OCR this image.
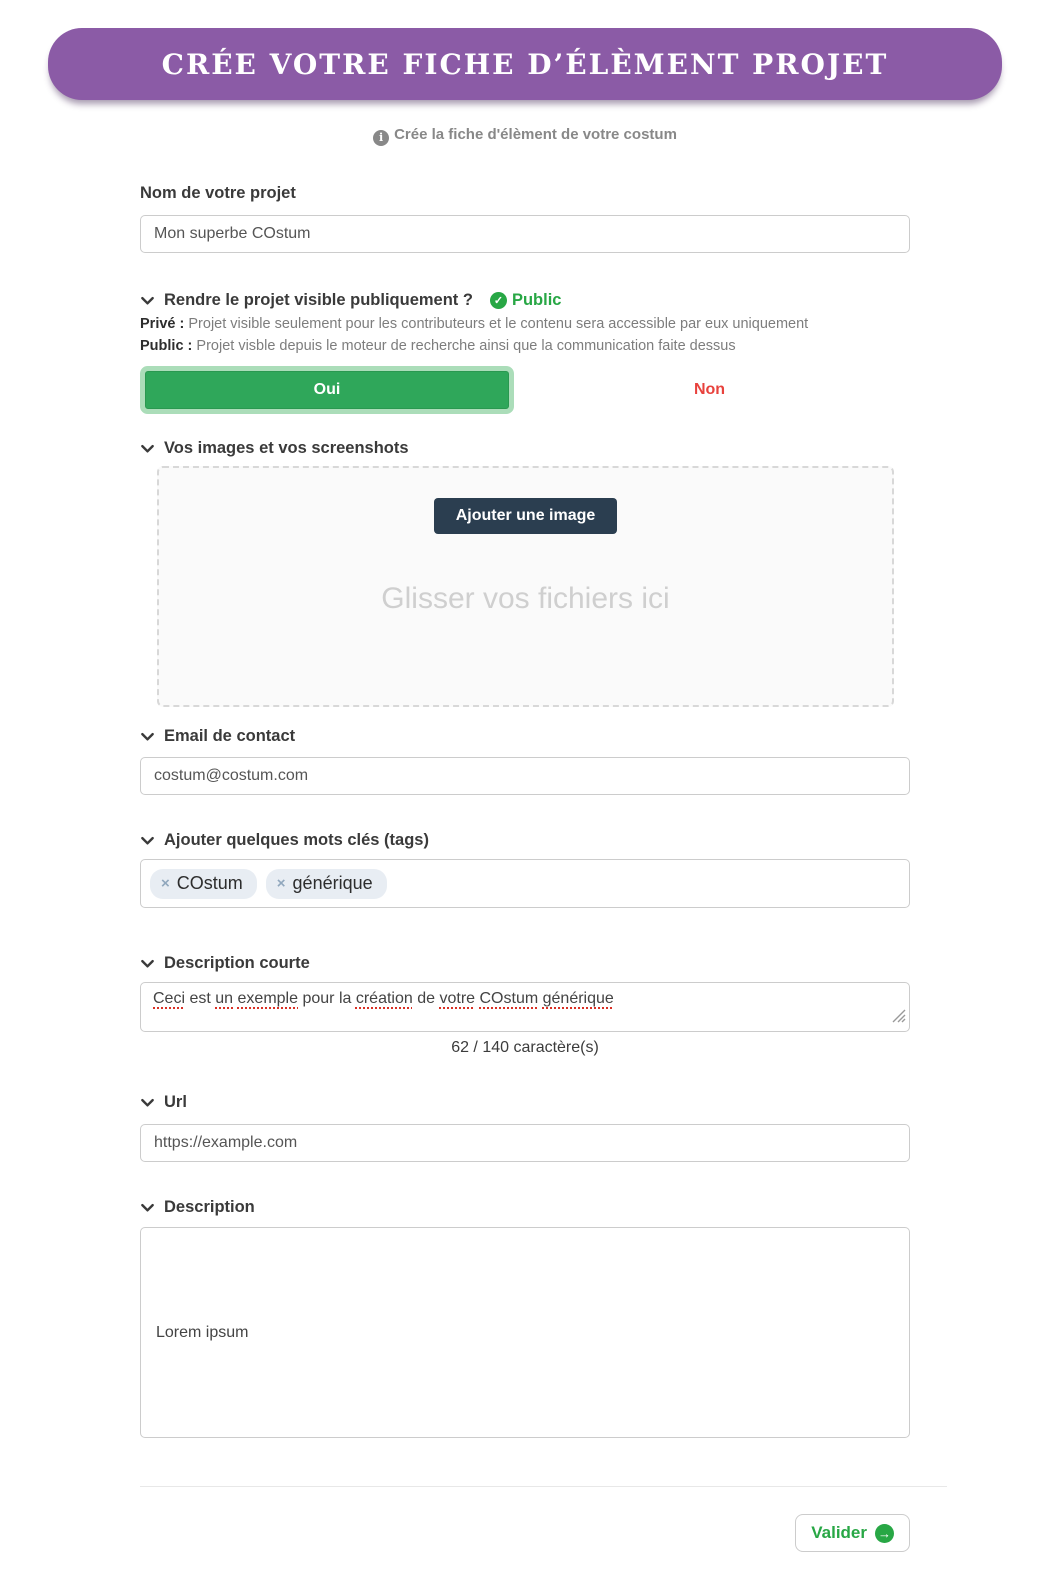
CRÉE VOTRE FICHE D’ÉLÈMENT PROJET
i Crée la fiche d'élèment de votre costum
Nom de votre projet
Mon superbe COstum
Rendre le projet visible publiquement ?	✓ Public
Privé : Projet visible seulement pour les contributeurs et le contenu sera accessible par eux uniquement
Public : Projet visble depuis le moteur de recherche ainsi que la communication faite dessus
Oui	Non
Vos images et vos screenshots
Ajouter une image
Glisser vos fichiers ici
Email de contact
costum@costum.com
Ajouter quelques mots clés (tags)
× COstum × générique
Description courte
Ceci est un exemple pour la création de votre COstum générique
62 / 140 caractère(s)
Url
https://example.com
Description
Lorem ipsum
Valider →
